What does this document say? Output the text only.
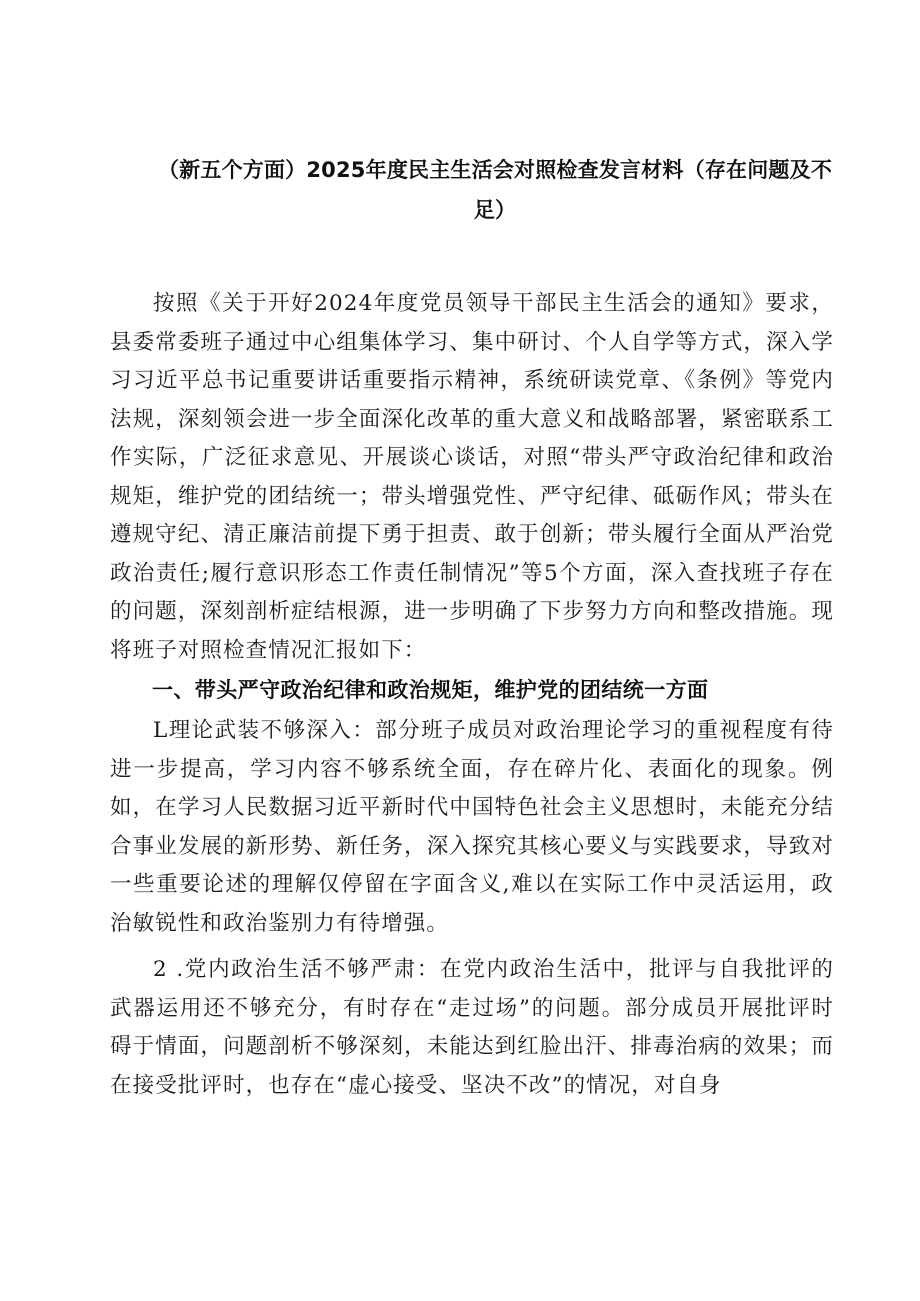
（新五个方面）2025年度民主生活会对照检查发言材料（存在问题及不足）

按照《关于开好2024年度党员领导干部民主生活会的通知》要求，县委常委班子通过中心组集体学习、集中研讨、个人自学等方式，深入学习习近平总书记重要讲话重要指示精神，系统研读党章、《条例》等党内法规，深刻领会进一步全面深化改革的重大意义和战略部署，紧密联系工作实际，广泛征求意见、开展谈心谈话，对照“带头严守政治纪律和政治规矩，维护党的团结统一；带头增强党性、严守纪律、砥砺作风；带头在遵规守纪、清正廉洁前提下勇于担责、敢于创新；带头履行全面从严治党政治责任;履行意识形态工作责任制情况”等5个方面，深入查找班子存在的问题，深刻剖析症结根源，进一步明确了下步努力方向和整改措施。现将班子对照检查情况汇报如下：

一、带头严守政治纪律和政治规矩，维护党的团结统一方面

L理论武装不够深入：部分班子成员对政治理论学习的重视程度有待进一步提高，学习内容不够系统全面，存在碎片化、表面化的现象。例如，在学习人民数据习近平新时代中国特色社会主义思想时，未能充分结合事业发展的新形势、新任务，深入探究其核心要义与实践要求，导致对一些重要论述的理解仅停留在字面含义,难以在实际工作中灵活运用，政治敏锐性和政治鉴别力有待增强。

2 .党内政治生活不够严肃：在党内政治生活中，批评与自我批评的武器运用还不够充分，有时存在“走过场”的问题。部分成员开展批评时碍于情面，问题剖析不够深刻，未能达到红脸出汗、排毒治病的效果；而在接受批评时，也存在“虚心接受、坚决不改”的情况，对自身
